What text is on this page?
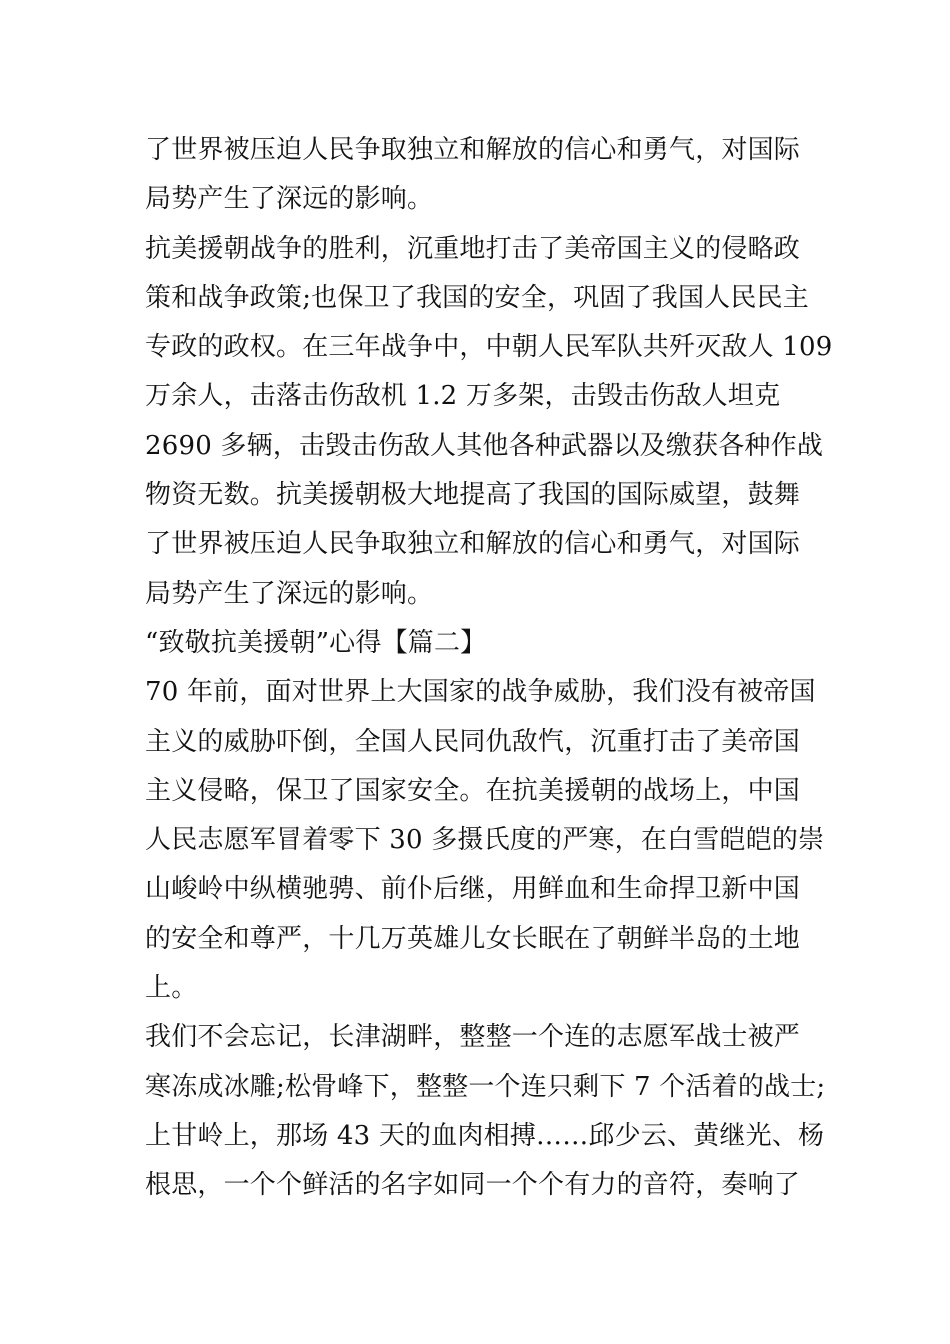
了世界被压迫人民争取独立和解放的信心和勇气，对国际
局势产生了深远的影响。
抗美援朝战争的胜利，沉重地打击了美帝国主义的侵略政
策和战争政策;也保卫了我国的安全，巩固了我国人民民主
专政的政权。在三年战争中，中朝人民军队共歼灭敌人 109
万余人，击落击伤敌机 1.2 万多架，击毁击伤敌人坦克
2690 多辆，击毁击伤敌人其他各种武器以及缴获各种作战
物资无数。抗美援朝极大地提高了我国的国际威望，鼓舞
了世界被压迫人民争取独立和解放的信心和勇气，对国际
局势产生了深远的影响。
“致敬抗美援朝”心得【篇二】
70 年前，面对世界上大国家的战争威胁，我们没有被帝国
主义的威胁吓倒，全国人民同仇敌忾，沉重打击了美帝国
主义侵略，保卫了国家安全。在抗美援朝的战场上，中国
人民志愿军冒着零下 30 多摄氏度的严寒，在白雪皑皑的崇
山峻岭中纵横驰骋、前仆后继，用鲜血和生命捍卫新中国
的安全和尊严，十几万英雄儿女长眠在了朝鲜半岛的土地
上。
我们不会忘记，长津湖畔，整整一个连的志愿军战士被严
寒冻成冰雕;松骨峰下，整整一个连只剩下 7 个活着的战士;
上甘岭上，那场 43 天的血肉相搏……邱少云、黄继光、杨
根思，一个个鲜活的名字如同一个个有力的音符，奏响了
